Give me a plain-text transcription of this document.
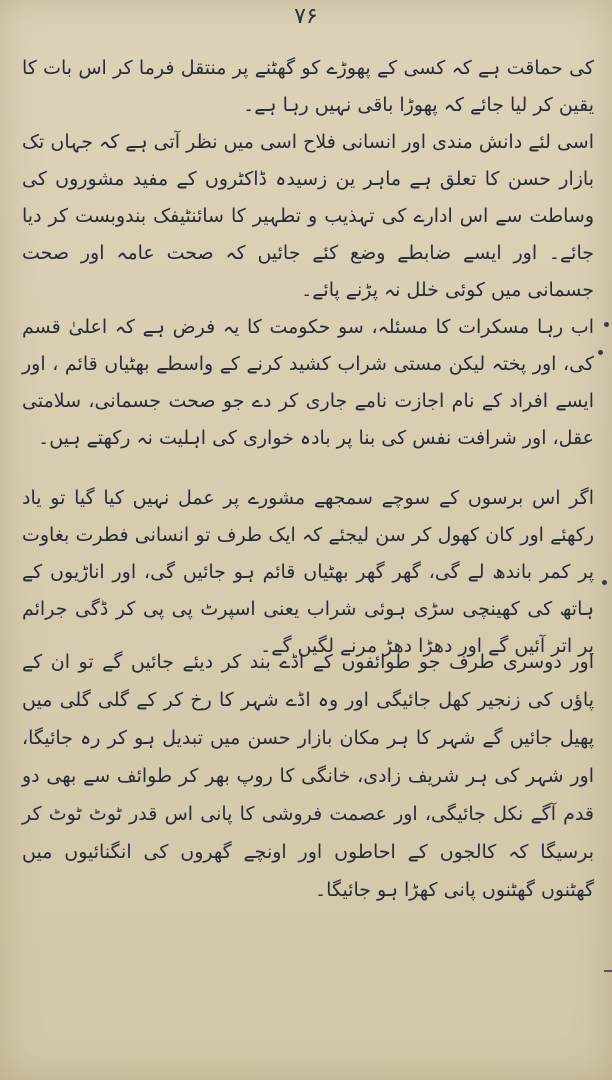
۷۶

کی حماقت ہے کہ کسی کے پھوڑے کو گھٹنے پر منتقل فرما کر اس بات کا یقین کر لیا جائے کہ پھوڑا باقی نہیں رہا ہے۔

اسی لئے دانش مندی اور انسانی فلاح اسی میں نظر آتی ہے کہ جہاں تک بازار حسن کا تعلق ہے ماہر ین زسیدہ ڈاکٹروں کے مفید مشوروں کی وساطت سے اس ادارے کی تہذیب و تطہیر کا سائنٹیفک بندوبست کر دیا جائے۔ اور ایسے ضابطے وضع کئے جائیں کہ صحت عامہ اور صحت جسمانی میں کوئی خلل نہ پڑنے پائے۔

اب رہا مسکرات کا مسئلہ، سو حکومت کا یہ فرض ہے کہ اعلیٰ قسم کی، اور پختہ لیکن مستی شراب کشید کرنے کے واسطے بھٹیاں قائم ، اور ایسے افراد کے نام اجازت نامے جاری کر دے جو صحت جسمانی، سلامتی عقل، اور شرافت نفس کی بنا پر بادہ خواری کی اہلیت نہ رکھتے ہیں۔

اگر اس برسوں کے سوچے سمجھے مشورے پر عمل نہیں کیا گیا تو یاد رکھئے اور کان کھول کر سن لیجئے کہ ایک طرف تو انسانی فطرت بغاوت پر کمر باندھ لے گی، گھر گھر بھٹیاں قائم ہو جائیں گی، اور اناڑیوں کے ہاتھ کی کھینچی سڑی ہوئی شراب یعنی اسپرٹ پی پی کر ڈگی جرائم پر اتر آئیں گے اور دھڑا دھڑ مرنے لگیں گے۔

اور دوسری طرف جو طوائفوں کے اڈے بند کر دیئے جائیں گے تو ان کے پاؤں کی زنجیر کھل جائیگی اور وہ اڈے شہر کا رخ کر کے گلی گلی میں پھیل جائیں گے شہر کا ہر مکان بازار حسن میں تبدیل ہو کر رہ جائیگا، اور شہر کی ہر شریف زادی، خانگی کا روپ بھر کر طوائف سے بھی دو قدم آگے نکل جائیگی، اور عصمت فروشی کا پانی اس قدر ٹوٹ ٹوٹ کر برسیگا کہ کالجوں کے احاطوں اور اونچے گھروں کی انگنائیوں میں گھٹنوں گھٹنوں پانی کھڑا ہو جائیگا۔
